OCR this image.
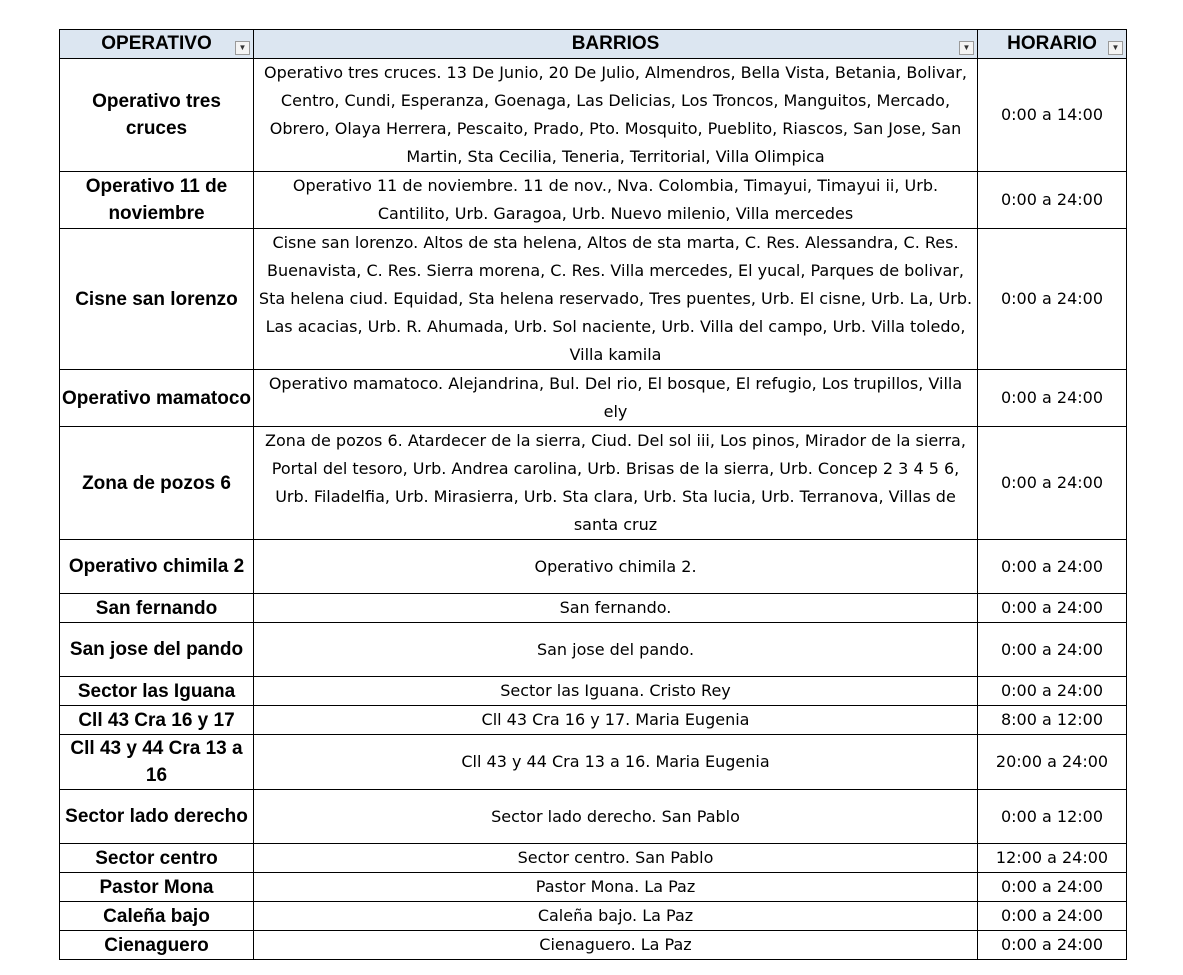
OPERATIVO ▼	BARRIOS ▼	HORARIO ▼

Operativo tres cruces	Operativo tres cruces. 13 De Junio, 20 De Julio, Almendros, Bella Vista, Betania, Bolivar, Centro, Cundi, Esperanza, Goenaga, Las Delicias, Los Troncos, Manguitos, Mercado, Obrero, Olaya Herrera, Pescaito, Prado, Pto. Mosquito, Pueblito, Riascos, San Jose, San Martin, Sta Cecilia, Teneria, Territorial, Villa Olimpica	0:00 a 14:00
Operativo 11 de noviembre	Operativo 11 de noviembre. 11 de nov., Nva. Colombia, Timayui, Timayui ii, Urb. Cantilito, Urb. Garagoa, Urb. Nuevo milenio, Villa mercedes	0:00 a 24:00
Cisne san lorenzo	Cisne san lorenzo. Altos de sta helena, Altos de sta marta, C. Res. Alessandra, C. Res. Buenavista, C. Res. Sierra morena, C. Res. Villa mercedes, El yucal, Parques de bolivar, Sta helena ciud. Equidad, Sta helena reservado, Tres puentes, Urb. El cisne, Urb. La, Urb. Las acacias, Urb. R. Ahumada, Urb. Sol naciente, Urb. Villa del campo, Urb. Villa toledo, Villa kamila	0:00 a 24:00
Operativo mamatoco	Operativo mamatoco. Alejandrina, Bul. Del rio, El bosque, El refugio, Los trupillos, Villa ely	0:00 a 24:00
Zona de pozos 6	Zona de pozos 6. Atardecer de la sierra, Ciud. Del sol iii, Los pinos, Mirador de la sierra, Portal del tesoro, Urb. Andrea carolina, Urb. Brisas de la sierra, Urb. Concep 2 3 4 5 6, Urb. Filadelfia, Urb. Mirasierra, Urb. Sta clara, Urb. Sta lucia, Urb. Terranova, Villas de santa cruz	0:00 a 24:00
Operativo chimila 2	Operativo chimila 2.	0:00 a 24:00
San fernando	San fernando.	0:00 a 24:00
San jose del pando	San jose del pando.	0:00 a 24:00
Sector las Iguana	Sector las Iguana. Cristo Rey	0:00 a 24:00
Cll 43 Cra 16 y 17	Cll 43 Cra 16 y 17. Maria Eugenia	8:00 a 12:00
Cll 43 y 44 Cra 13 a 16	Cll 43 y 44 Cra 13 a 16. Maria Eugenia	20:00 a 24:00
Sector lado derecho	Sector lado derecho. San Pablo	0:00 a 12:00
Sector centro	Sector centro. San Pablo	12:00 a 24:00
Pastor Mona	Pastor Mona. La Paz	0:00 a 24:00
Caleña bajo	Caleña bajo. La Paz	0:00 a 24:00
Cienaguero	Cienaguero. La Paz	0:00 a 24:00
